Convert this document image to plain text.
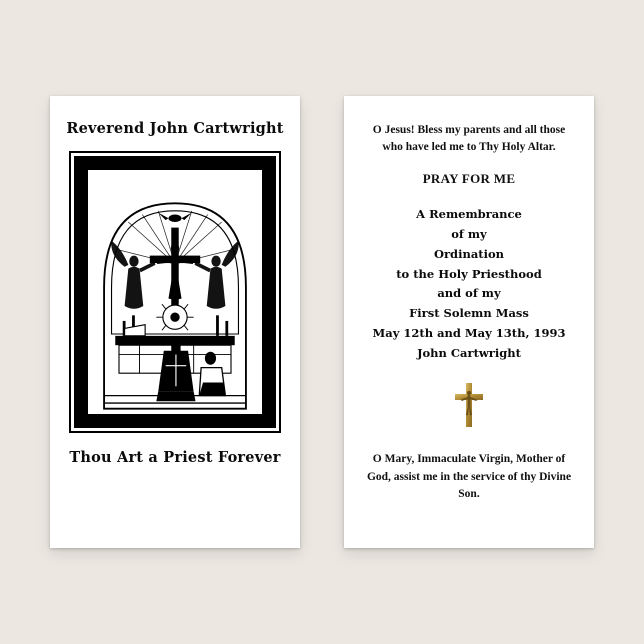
Reverend John Cartwright
Thou Art a Priest Forever

O Jesus! Bless my parents and all those who have led me to Thy Holy Altar.

PRAY FOR ME

A Remembrance
of my
Ordination
to the Holy Priesthood
and of my
First Solemn Mass
May 12th and May 13th, 1993
John Cartwright

O Mary, Immaculate Virgin, Mother of God, assist me in the service of thy Divine Son.
